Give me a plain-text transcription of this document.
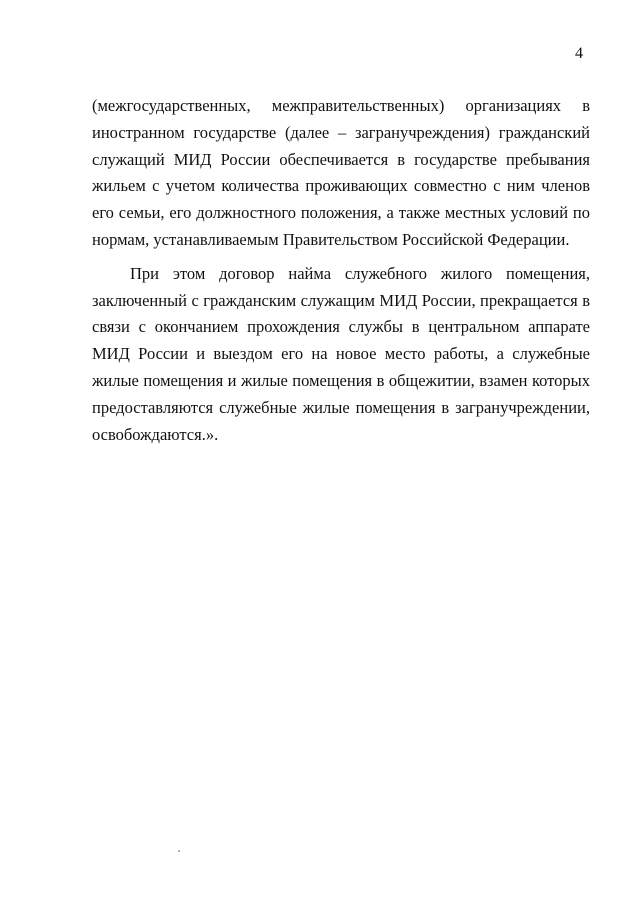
4

(межгосударственных, межправительственных) организациях в иностранном государстве (далее – загранучреждения) гражданский служащий МИД России обеспечивается в государстве пребывания жильем с учетом количества проживающих совместно с ним членов его семьи, его должностного положения, а также местных условий по нормам, устанавливаемым Правительством Российской Федерации.

При этом договор найма служебного жилого помещения, заключенный с гражданским служащим МИД России, прекращается в связи с окончанием прохождения службы в центральном аппарате МИД России и выездом его на новое место работы, а служебные жилые помещения и жилые помещения в общежитии, взамен которых предоставляются служебные жилые помещения в загранучреждении, освобождаются.».
